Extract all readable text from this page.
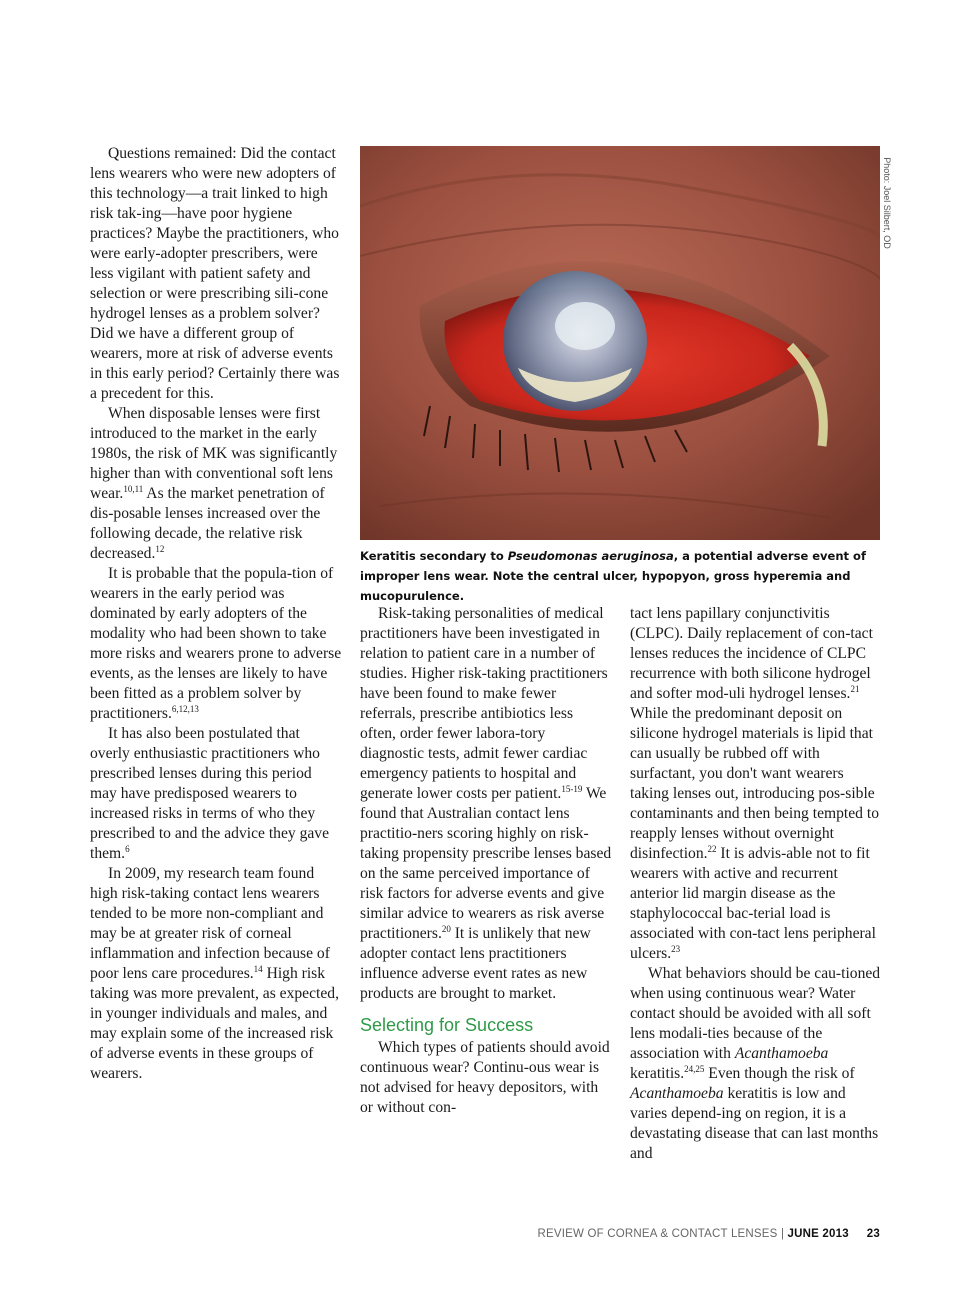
Questions remained: Did the contact lens wearers who were new adopters of this technology—a trait linked to high risk tak-ing—have poor hygiene practices? Maybe the practitioners, who were early-adopter prescribers, were less vigilant with patient safety and selection or were prescribing sili-cone hydrogel lenses as a problem solver? Did we have a different group of wearers, more at risk of adverse events in this early period? Certainly there was a precedent for this.

When disposable lenses were first introduced to the market in the early 1980s, the risk of MK was significantly higher than with conventional soft lens wear.$^{10,11}$ As the market penetration of dis-posable lenses increased over the following decade, the relative risk decreased.$^{12}$

It is probable that the popula-tion of wearers in the early period was dominated by early adopters of the modality who had been shown to take more risks and wearers prone to adverse events, as the lenses are likely to have been fitted as a problem solver by practitioners.$^{6,12,13}$

It has also been postulated that overly enthusiastic practitioners who prescribed lenses during this period may have predisposed wearers to increased risks in terms of who they prescribed to and the advice they gave them.$^6$

In 2009, my research team found high risk-taking contact lens wearers tended to be more non-compliant and may be at greater risk of corneal inflammation and infection because of poor lens care procedures.$^{14}$ High risk taking was more prevalent, as expected, in younger individuals and males, and may explain some of the increased risk of adverse events in these groups of wearers.

Photo: Joel Silbert, OD
Keratitis secondary to Pseudomonas aeruginosa, a potential adverse event of improper lens wear. Note the central ulcer, hypopyon, gross hyperemia and mucopurulence.

Risk-taking personalities of medical practitioners have been investigated in relation to patient care in a number of studies. Higher risk-taking practitioners have been found to make fewer referrals, prescribe antibiotics less often, order fewer labora-tory diagnostic tests, admit fewer cardiac emergency patients to hospital and generate lower costs per patient.$^{15-19}$ We found that Australian contact lens practitio-ners scoring highly on risk-taking propensity prescribe lenses based on the same perceived importance of risk factors for adverse events and give similar advice to wearers as risk averse practitioners.$^{20}$ It is unlikely that new adopter contact lens practitioners influence adverse event rates as new products are brought to market.

Selecting for Success

Which types of patients should avoid continuous wear? Continu-ous wear is not advised for heavy depositors, with or without con-

tact lens papillary conjunctivitis (CLPC). Daily replacement of con-tact lenses reduces the incidence of CLPC recurrence with both silicone hydrogel and softer mod-uli hydrogel lenses.$^{21}$ While the predominant deposit on silicone hydrogel materials is lipid that can usually be rubbed off with surfactant, you don't want wearers taking lenses out, introducing pos-sible contaminants and then being tempted to reapply lenses without overnight disinfection.$^{22}$ It is advis-able not to fit wearers with active and recurrent anterior lid margin disease as the staphylococcal bac-terial load is associated with con-tact lens peripheral ulcers.$^{23}$

What behaviors should be cau-tioned when using continuous wear? Water contact should be avoided with all soft lens modali-ties because of the association with Acanthamoeba keratitis.$^{24,25}$ Even though the risk of Acanthamoeba keratitis is low and varies depend-ing on region, it is a devastating disease that can last months and

REVIEW OF CORNEA & CONTACT LENSES | JUNE 2013 23
